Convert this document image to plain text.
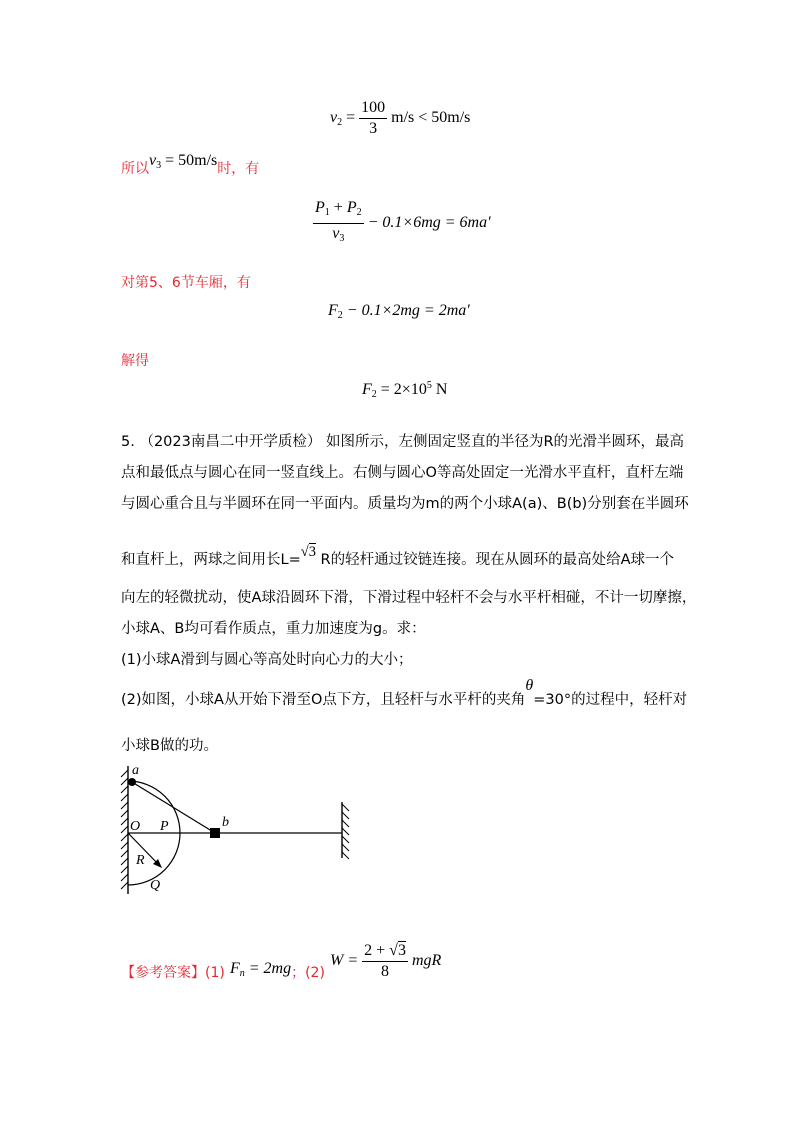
$v_2 = \frac{100}{3} m/s < 50m/s$
所以$v_3 = 50m/s$时，有
$\frac{P_1 + P_2}{v_3} - 0.1\times 6mg = 6ma'$
对第5、6节车厢，有
$F_2 - 0.1\times 2mg = 2ma'$
解得
$F_2 = 2\times 10^5$ N
5. （2023南昌二中开学质检） 如图所示，左侧固定竖直的半径为R的光滑半圆环，最高
点和最低点与圆心在同一竖直线上。右侧与圆心O等高处固定一光滑水平直杆，直杆左端
与圆心重合且与半圆环在同一平面内。质量均为m的两个小球A(a)、B(b)分别套在半圆环
和直杆上，两球之间用长L=√3 R的轻杆通过铰链连接。现在从圆环的最高处给A球一个
向左的轻微扰动，使A球沿圆环下滑，下滑过程中轻杆不会与水平杆相碰，不计一切摩擦，
小球A、B均可看作质点，重力加速度为g。求：
(1)小球A滑到与圆心等高处时向心力的大小；
(2)如图，小球A从开始下滑至O点下方，且轻杆与水平杆的夹角θ=30°的过程中，轻杆对
小球B做的功。
a
b
O P
R
Q
【参考答案】(1) $F_n = 2mg$；(2) $W = \frac{2 + √3}{8}$ mgR
